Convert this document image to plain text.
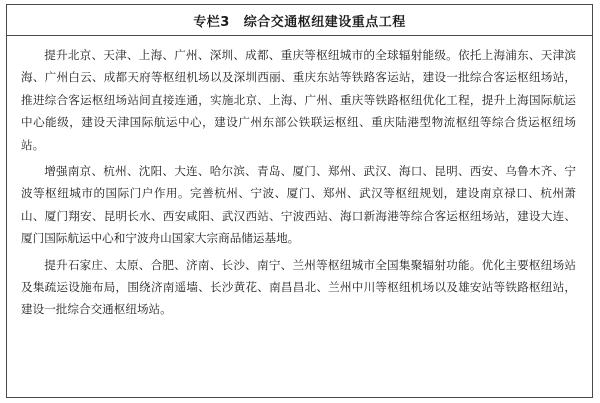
专栏3 综合交通枢纽建设重点工程

提升北京、天津、上海、广州、深圳、成都、重庆等枢纽城市的全球辐射能级。依托上海浦东、天津滨海、广州白云、成都天府等枢纽机场以及深圳西丽、重庆东站等铁路客运站，建设一批综合客运枢纽场站，推进综合客运枢纽场站间直接连通，实施北京、上海、广州、重庆等铁路枢纽优化工程，提升上海国际航运中心能级，建设天津国际航运中心，建设广州东部公铁联运枢纽、重庆陆港型物流枢纽等综合货运枢纽场站。

增强南京、杭州、沈阳、大连、哈尔滨、青岛、厦门、郑州、武汉、海口、昆明、西安、乌鲁木齐、宁波等枢纽城市的国际门户作用。完善杭州、宁波、厦门、郑州、武汉等枢纽规划，建设南京禄口、杭州萧山、厦门翔安、昆明长水、西安咸阳、武汉西站、宁波西站、海口新海港等综合客运枢纽场站，建设大连、厦门国际航运中心和宁波舟山国家大宗商品储运基地。

提升石家庄、太原、合肥、济南、长沙、南宁、兰州等枢纽城市全国集聚辐射功能。优化主要枢纽场站及集疏运设施布局，围绕济南遥墙、长沙黄花、南昌昌北、兰州中川等枢纽机场以及雄安站等铁路枢纽站，建设一批综合交通枢纽场站。
